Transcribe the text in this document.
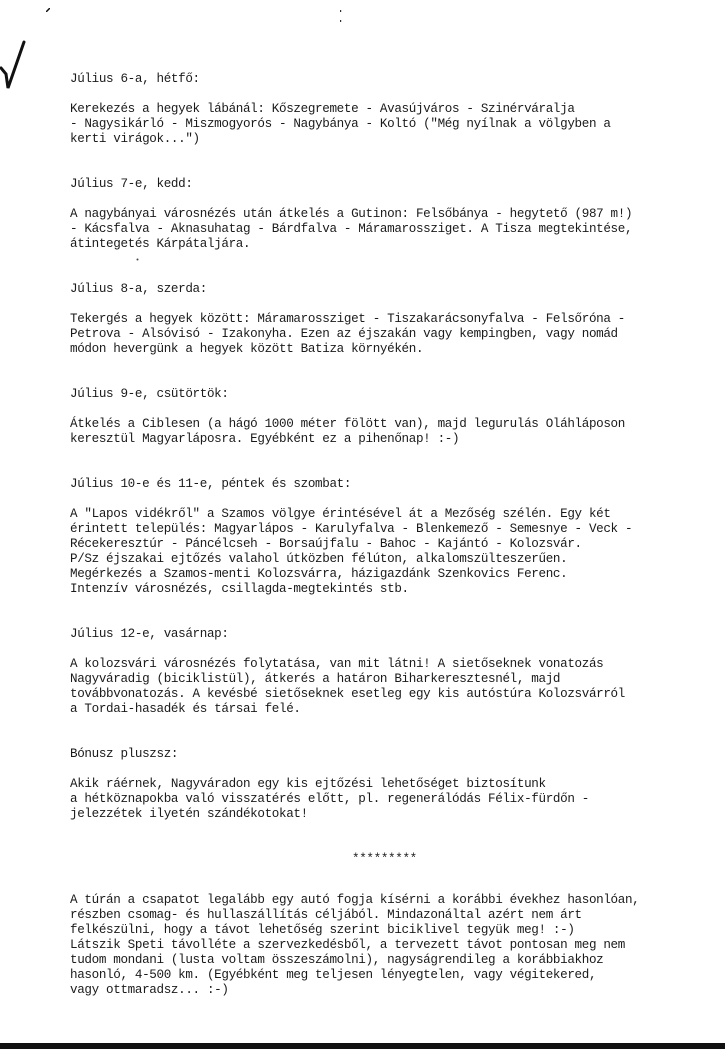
Július 6-a, hétfő:
Kerekezés a hegyek lábánál: Kőszegremete - Avasújváros - Szinérváralja
- Nagysikárló - Miszmogyorós - Nagybánya - Koltó ("Még nyílnak a völgyben a
kerti virágok...")
Július 7-e, kedd:
A nagybányai városnézés után átkelés a Gutinon: Felsőbánya - hegytető (987 m!)
- Kácsfalva - Aknasuhatag - Bárdfalva - Máramarossziget. A Tisza megtekintése,
átintegetés Kárpátaljára.
Július 8-a, szerda:
Tekergés a hegyek között: Máramarossziget - Tiszakarácsonyfalva - Felsőróna -
Petrova - Alsóvisó - Izakonyha. Ezen az éjszakán vagy kempingben, vagy nomád
módon hevergünk a hegyek között Batiza környékén.
Július 9-e, csütörtök:
Átkelés a Ciblesen (a hágó 1000 méter fölött van), majd legurulás Oláhláposon
keresztül Magyarláposra. Egyébként ez a pihenőnap! :-)
Július 10-e és 11-e, péntek és szombat:
A "Lapos vidékről" a Szamos völgye érintésével át a Mezőség szélén. Egy két
érintett település: Magyarlápos - Karulyfalva - Blenkemező - Semesnye - Veck -
Récekeresztúr - Páncélcseh - Borsaújfalu - Bahoc - Kajántó - Kolozsvár.
P/Sz éjszakai ejtőzés valahol útközben félúton, alkalomszülteszerűen.
Megérkezés a Szamos-menti Kolozsvárra, házigazdánk Szenkovics Ferenc.
Intenzív városnézés, csillagda-megtekintés stb.
Július 12-e, vasárnap:
A kolozsvári városnézés folytatása, van mit látni! A sietőseknek vonatozás
Nagyváradig (biciklistül), átkerés a határon Biharkeresztesnél, majd
továbbvonatozás. A kevésbé sietőseknek esetleg egy kis autóstúra Kolozsvárról
a Tordai-hasadék és társai felé.
Bónusz pluszsz:
Akik ráérnek, Nagyváradon egy kis ejtőzési lehetőséget biztosítunk
a hétköznapokba való visszatérés előtt, pl. regenerálódás Félix-fürdőn -
jelezzétek ilyetén szándékotokat!
*********
A túrán a csapatot legalább egy autó fogja kísérni a korábbi évekhez hasonlóan,
részben csomag- és hullaszállítás céljából. Mindazonáltal azért nem árt
felkészülni, hogy a távot lehetőség szerint biciklivel tegyük meg! :-)
Látszik Speti távolléte a szervezkedésből, a tervezett távot pontosan meg nem
tudom mondani (lusta voltam összeszámolni), nagyságrendileg a korábbiakhoz
hasonló, 4-500 km. (Egyébként meg teljesen lényegtelen, vagy végitekered,
vagy ottmaradsz... :-)
